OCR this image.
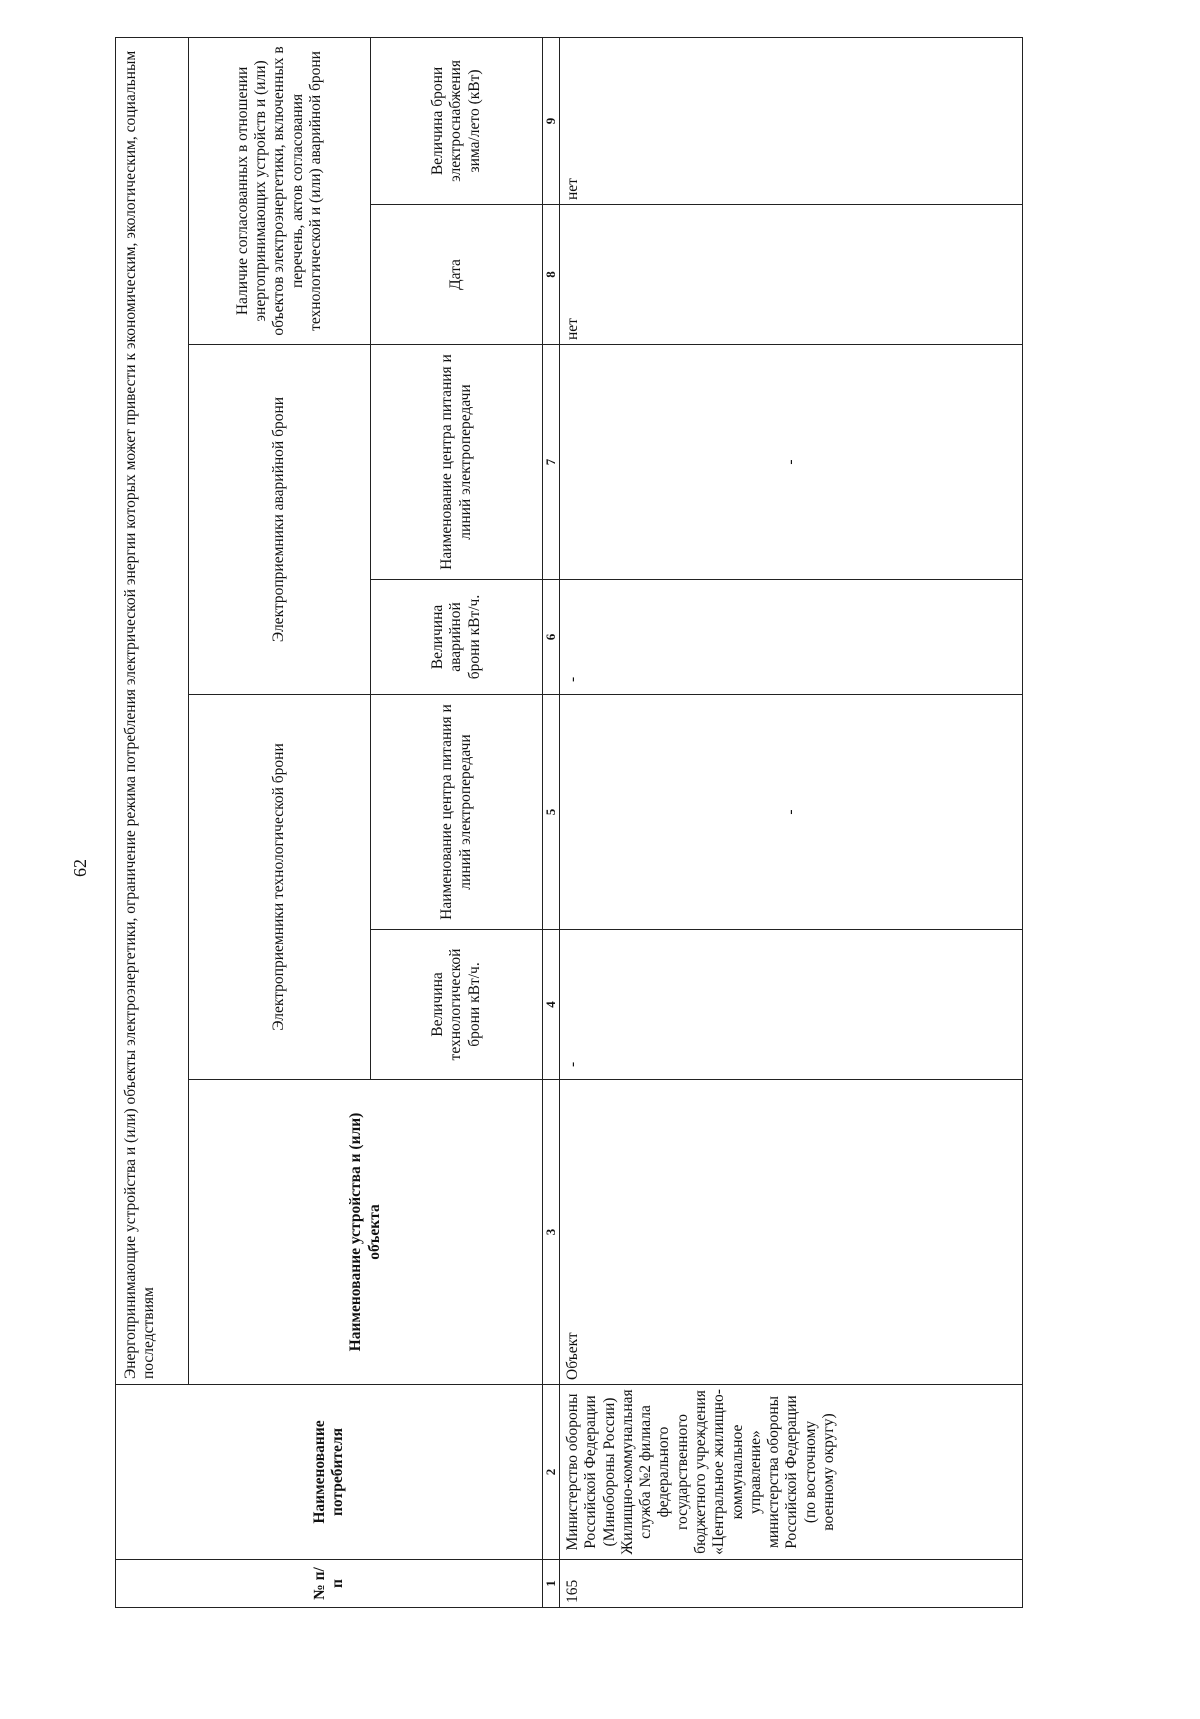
62
№ п/п	Наименование потребителя	Энергопринимающие устройства и (или) объекты электроэнергетики, ограничение режима потребления электрической энергии которых может привести к экономическим, экологическим, социальным последствиям						
		Наименование устройства и (или) объекта	Электроприемники технологической брони		Электроприемники аварийной брони		Наличие согласованных в отношении энергопринимающих устройств и (или) объектов электроэнергетики, включенных в перечень, актов согласования технологической и (или) аварийной брони	
			Величина технологической брони кВт/ч.	Наименование центра питания и линий электропередачи	Величина аварийной брони кВт/ч.	Наименование центра питания и линий электропередачи	Дата	Величина брони электроснабжения зима/лето (кВт)
1	2	3	4	5	6	7	8	9
165	Министерство обороны Российской Федерации (Минобороны России) Жилищно-коммунальная служба №2 филиала федерального государственного бюджетного учреждения «Центральное жилищно-коммунальное управление» министерства обороны Российской Федерации (по восточному военному округу)	Объект	-	-	-	-	нет	нет
